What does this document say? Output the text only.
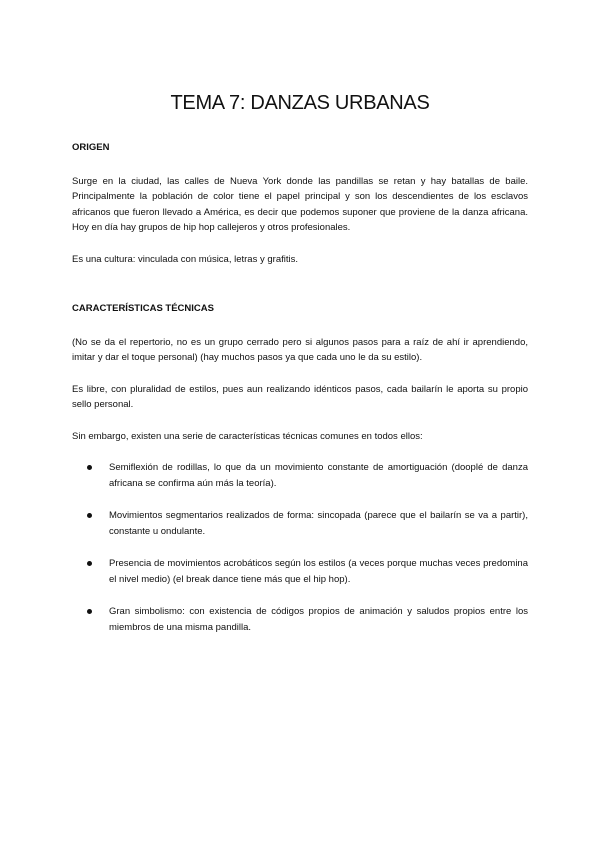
TEMA 7: DANZAS URBANAS
ORIGEN

Surge en la ciudad, las calles de Nueva York donde las pandillas se retan y hay batallas de baile. Principalmente la población de color tiene el papel principal y son los descendientes de los esclavos africanos que fueron llevado a América, es decir que podemos suponer que proviene de la danza africana. Hoy en día hay grupos de hip hop callejeros y otros profesionales.

Es una cultura: vinculada con música, letras y grafitis.

CARACTERÍSTICAS TÉCNICAS

(No se da el repertorio, no es un grupo cerrado pero si algunos pasos para a raíz de ahí ir aprendiendo, imitar y dar el toque personal) (hay muchos pasos ya que cada uno le da su estilo).

Es libre, con pluralidad de estilos, pues aun realizando idénticos pasos, cada bailarín le aporta su propio sello personal.

Sin embargo, existen una serie de características técnicas comunes en todos ellos:

Semiflexión de rodillas, lo que da un movimiento constante de amortiguación (dooplé de danza africana se confirma aún más la teoría).
Movimientos segmentarios realizados de forma: sincopada (parece que el bailarín se va a partir), constante u ondulante.
Presencia de movimientos acrobáticos según los estilos (a veces porque muchas veces predomina el nivel medio) (el break dance tiene más que el hip hop).
Gran simbolismo: con existencia de códigos propios de animación y saludos propios entre los miembros de una misma pandilla.
